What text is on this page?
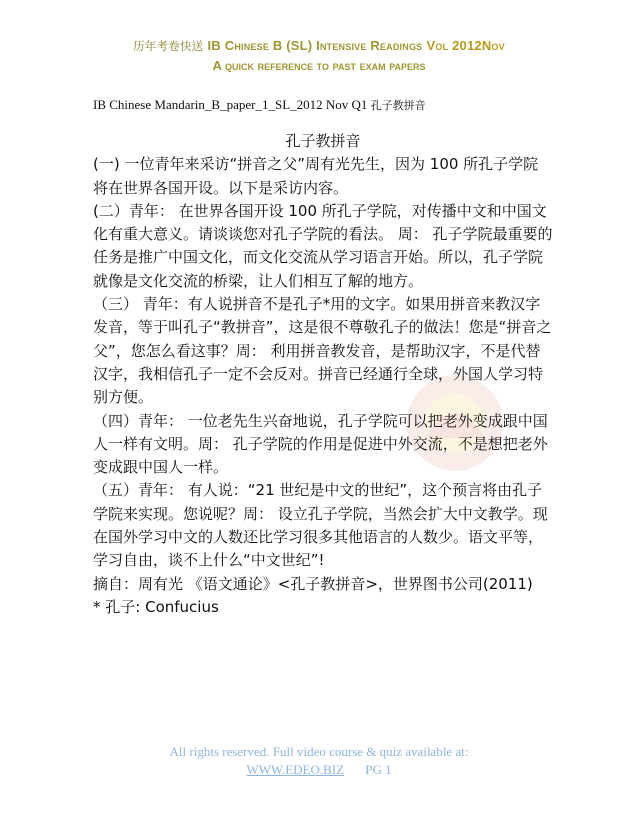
历年考卷快送 IB Chinese B (SL) Intensive Readings Vol 2012Nov
A quick reference to past exam papers
IB Chinese Mandarin_B_paper_1_SL_2012 Nov Q1 孔子教拼音
孔子教拼音

(一) 一位青年来采访“拼音之父”周有光先生，因为 100 所孔子学院将在世界各国开设。以下是采访内容。

(二）青年： 在世界各国开设 100 所孔子学院，对传播中文和中国文化有重大意义。请谈谈您对孔子学院的看法。 周： 孔子学院最重要的任务是推广中国文化，而文化交流从学习语言开始。所以，孔子学院就像是文化交流的桥梁，让人们相互了解的地方。

（三） 青年：有人说拼音不是孔子*用的文字。如果用拼音来教汉字发音，等于叫孔子“教拼音”，这是很不尊敬孔子的做法！您是“拼音之父”，您怎么看这事？周： 利用拼音教发音，是帮助汉字，不是代替汉字，我相信孔子一定不会反对。拼音已经通行全球，外国人学习特别方便。

（四）青年： 一位老先生兴奋地说，孔子学院可以把老外变成跟中国人一样有文明。周： 孔子学院的作用是促进中外交流，不是想把老外变成跟中国人一样。

（五）青年： 有人说：“21 世纪是中文的世纪”，这个预言将由孔子学院来实现。您说呢？周： 设立孔子学院，当然会扩大中文教学。现在国外学习中文的人数还比学习很多其他语言的人数少。语文平等，学习自由，谈不上什么“中文世纪”!

摘自：周有光 《语文通论》<孔子教拼音>，世界图书公司(2011)

* 孔子: Confucius

All rights reserved. Full video course & quiz available at:
WWW.EDEO.BIZ PG 1
